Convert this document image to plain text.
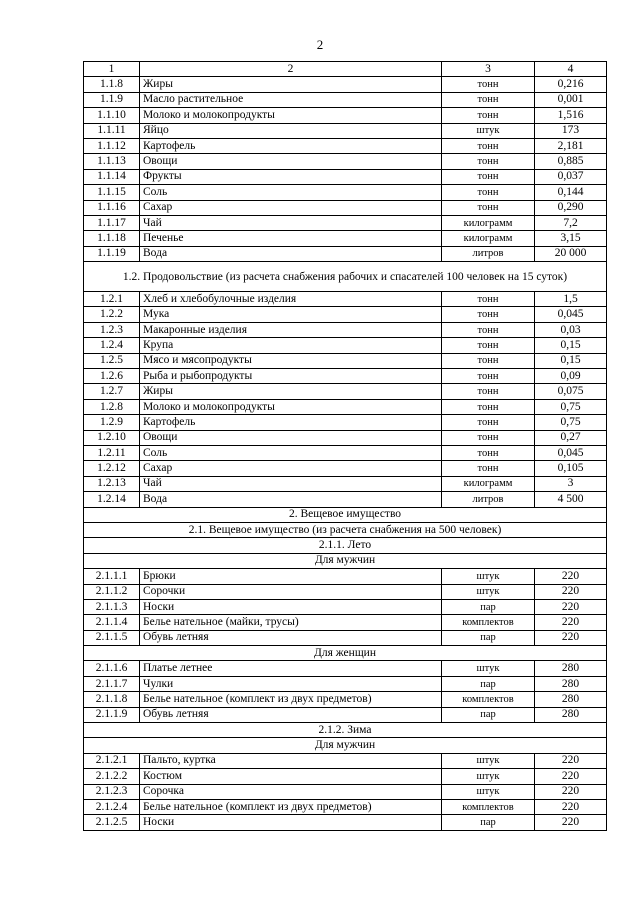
2
1	2	3	4
1.1.8	Жиры	тонн	0,216
1.1.9	Масло растительное	тонн	0,001
1.1.10	Молоко и молокопродукты	тонн	1,516
1.1.11	Яйцо	штук	173
1.1.12	Картофель	тонн	2,181
1.1.13	Овощи	тонн	0,885
1.1.14	Фрукты	тонн	0,037
1.1.15	Соль	тонн	0,144
1.1.16	Сахар	тонн	0,290
1.1.17	Чай	килограмм	7,2
1.1.18	Печенье	килограмм	3,15
1.1.19	Вода	литров	20 000
1.2. Продовольствие (из расчета снабжения рабочих и спасателей 100 человек на 15 суток)			
1.2.1	Хлеб и хлебобулочные изделия	тонн	1,5
1.2.2	Мука	тонн	0,045
1.2.3	Макаронные изделия	тонн	0,03
1.2.4	Крупа	тонн	0,15
1.2.5	Мясо и мясопродукты	тонн	0,15
1.2.6	Рыба и рыбопродукты	тонн	0,09
1.2.7	Жиры	тонн	0,075
1.2.8	Молоко и молокопродукты	тонн	0,75
1.2.9	Картофель	тонн	0,75
1.2.10	Овощи	тонн	0,27
1.2.11	Соль	тонн	0,045
1.2.12	Сахар	тонн	0,105
1.2.13	Чай	килограмм	3
1.2.14	Вода	литров	4 500
2. Вещевое имущество			
2.1. Вещевое имущество (из расчета снабжения на 500 человек)			
2.1.1. Лето			
Для мужчин			
2.1.1.1	Брюки	штук	220
2.1.1.2	Сорочки	штук	220
2.1.1.3	Носки	пар	220
2.1.1.4	Белье нательное (майки, трусы)	комплектов	220
2.1.1.5	Обувь летняя	пар	220
Для женщин			
2.1.1.6	Платье летнее	штук	280
2.1.1.7	Чулки	пар	280
2.1.1.8	Белье нательное (комплект из двух предметов)	комплектов	280
2.1.1.9	Обувь летняя	пар	280
2.1.2. Зима			
Для мужчин			
2.1.2.1	Пальто, куртка	штук	220
2.1.2.2	Костюм	штук	220
2.1.2.3	Сорочка	штук	220
2.1.2.4	Белье нательное (комплект из двух предметов)	комплектов	220
2.1.2.5	Носки	пар	220
